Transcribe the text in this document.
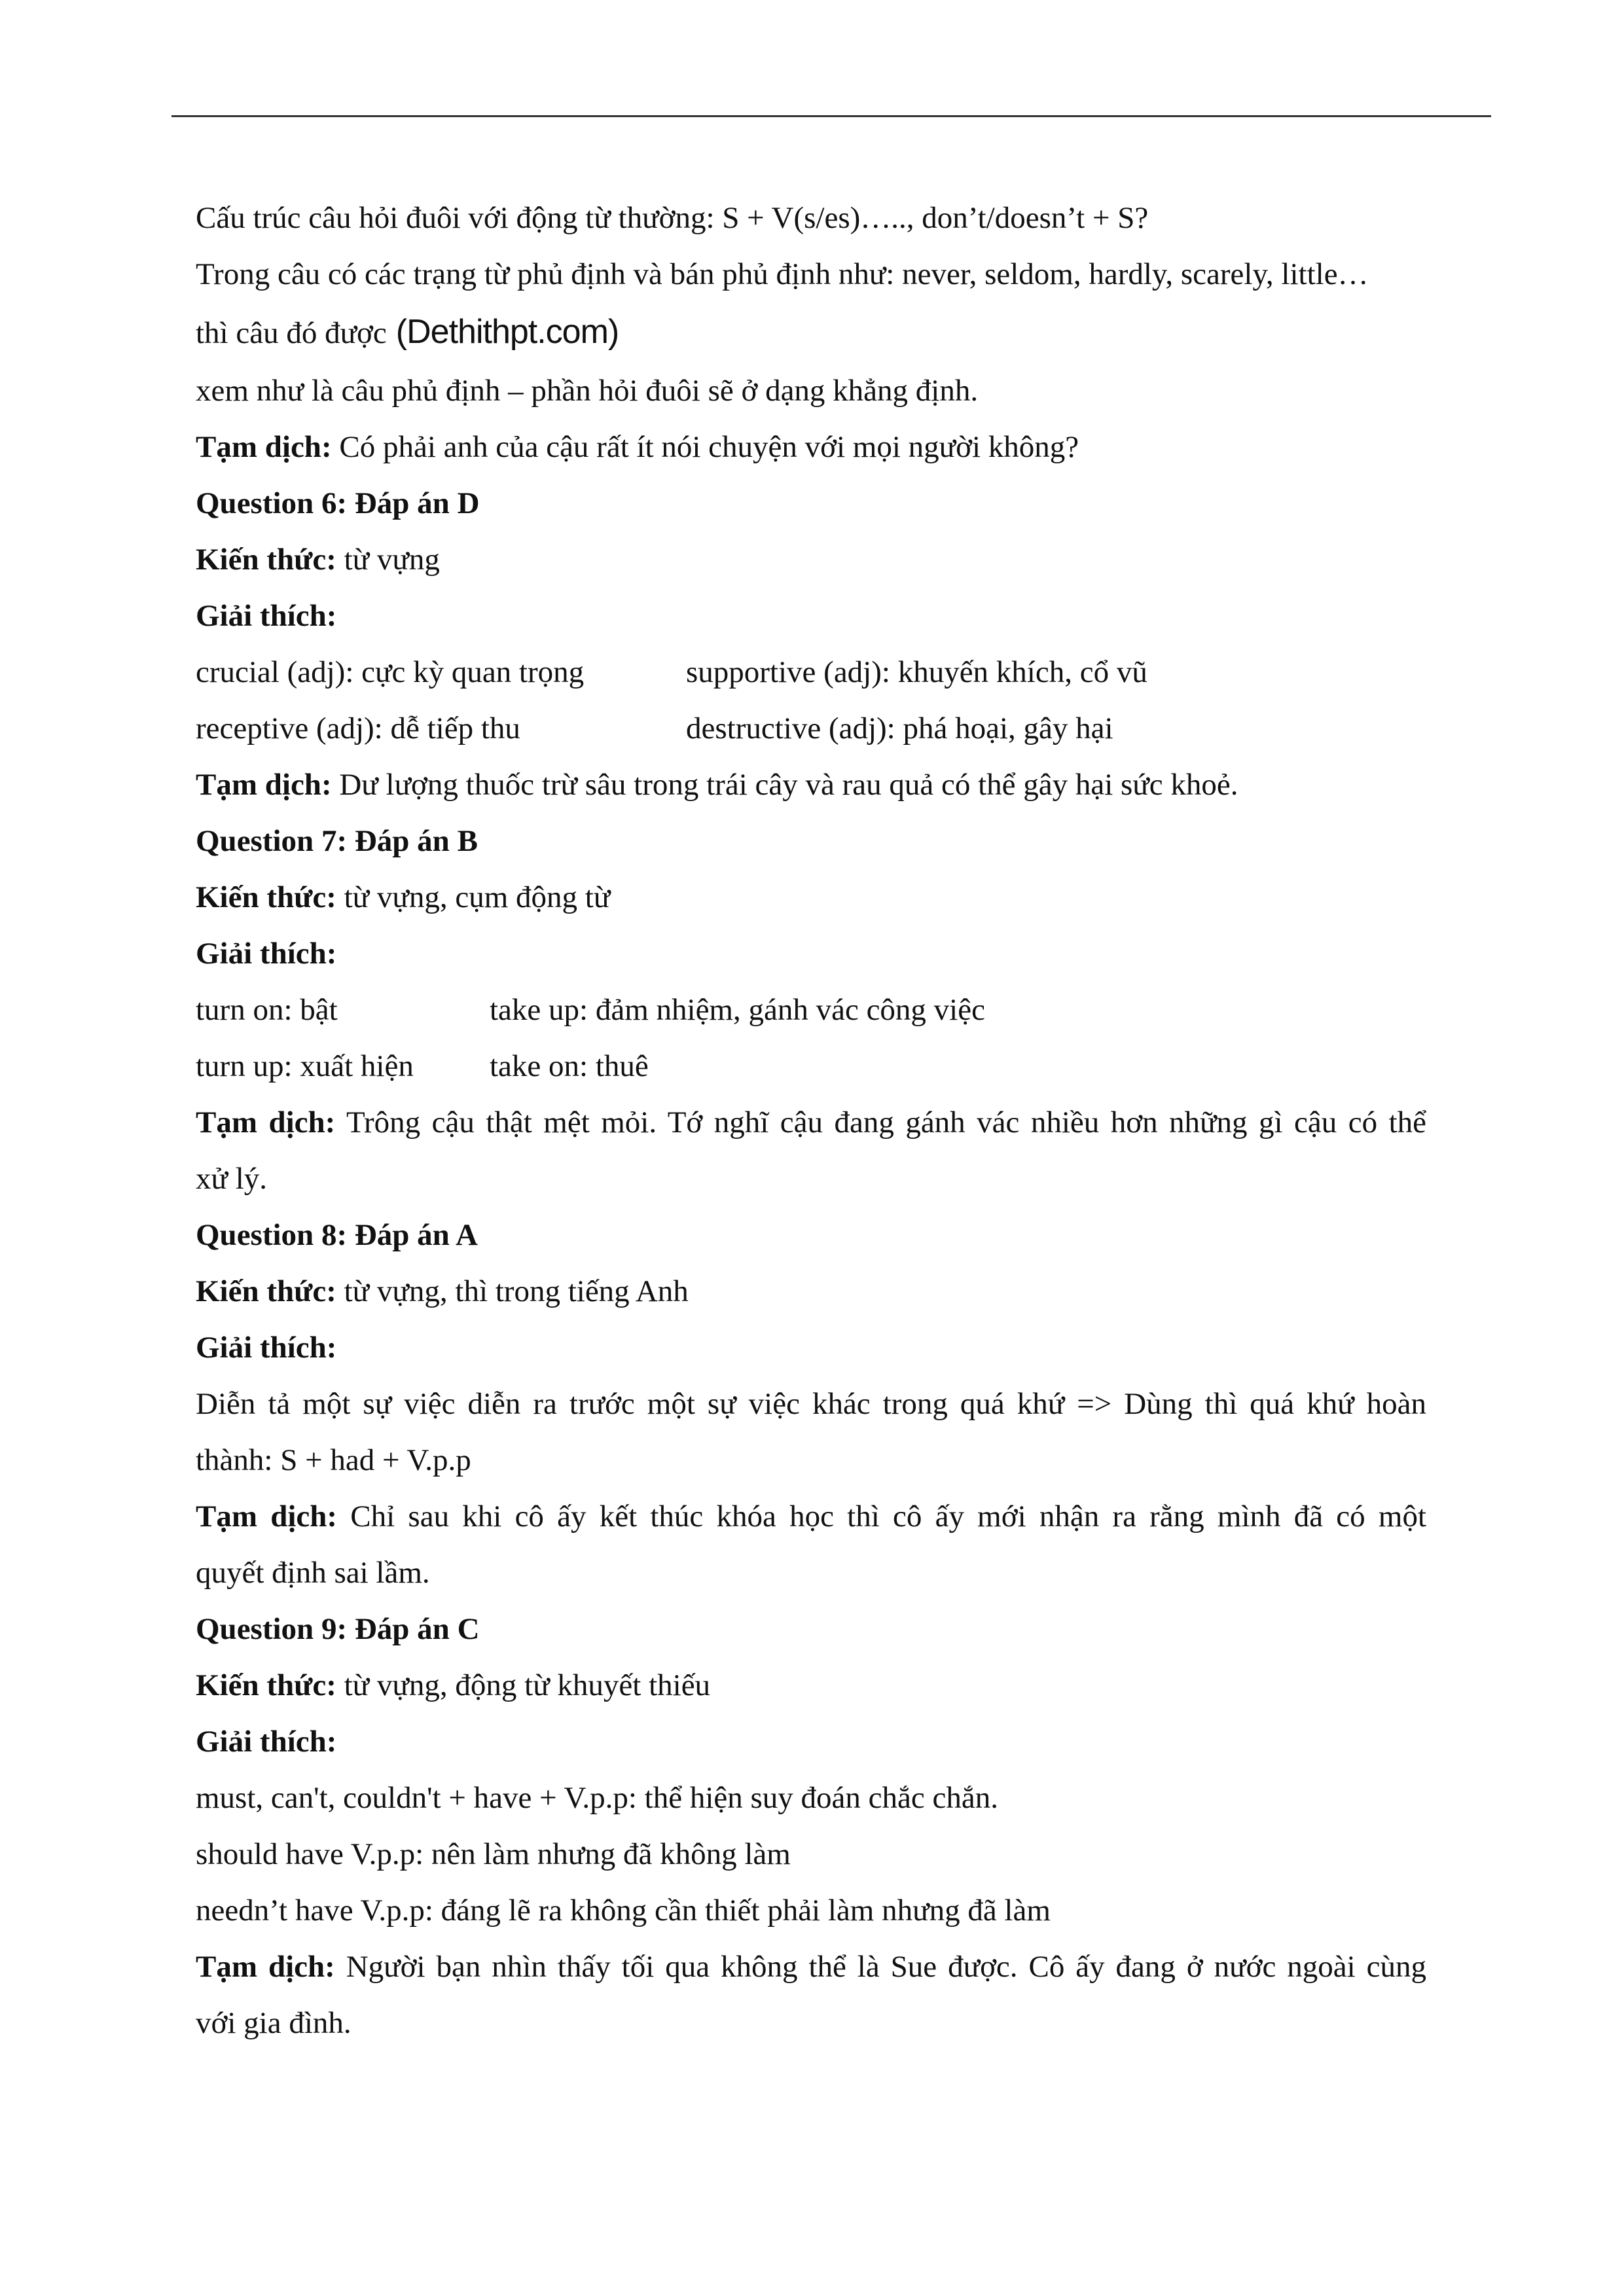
Cấu trúc câu hỏi đuôi với động từ thường: S + V(s/es)….., don’t/doesn’t + S?
Trong câu có các trạng từ phủ định và bán phủ định như: never, seldom, hardly, scarely, little…
thì câu đó được (Dethithpt.com)
xem như là câu phủ định – phần hỏi đuôi sẽ ở dạng khẳng định.
Tạm dịch: Có phải anh của cậu rất ít nói chuyện với mọi người không?
Question 6: Đáp án D
Kiến thức: từ vựng
Giải thích:
crucial (adj): cực kỳ quan trọng	supportive (adj): khuyến khích, cổ vũ
receptive (adj): dễ tiếp thu	destructive (adj): phá hoại, gây hại
Tạm dịch: Dư lượng thuốc trừ sâu trong trái cây và rau quả có thể gây hại sức khoẻ.
Question 7: Đáp án B
Kiến thức: từ vựng, cụm động từ
Giải thích:
turn on: bật	take up: đảm nhiệm, gánh vác công việc
turn up: xuất hiện	take on: thuê
Tạm dịch: Trông cậu thật mệt mỏi. Tớ nghĩ cậu đang gánh vác nhiều hơn những gì cậu có thể
xử lý.
Question 8: Đáp án A
Kiến thức: từ vựng, thì trong tiếng Anh
Giải thích:
Diễn tả một sự việc diễn ra trước một sự việc khác trong quá khứ => Dùng thì quá khứ hoàn
thành: S + had + V.p.p
Tạm dịch: Chỉ sau khi cô ấy kết thúc khóa học thì cô ấy mới nhận ra rằng mình đã có một
quyết định sai lầm.
Question 9: Đáp án C
Kiến thức: từ vựng, động từ khuyết thiếu
Giải thích:
must, can't, couldn't + have + V.p.p: thể hiện suy đoán chắc chắn.
should have V.p.p: nên làm nhưng đã không làm
needn’t have V.p.p: đáng lẽ ra không cần thiết phải làm nhưng đã làm
Tạm dịch: Người bạn nhìn thấy tối qua không thể là Sue được. Cô ấy đang ở nước ngoài cùng
với gia đình.
